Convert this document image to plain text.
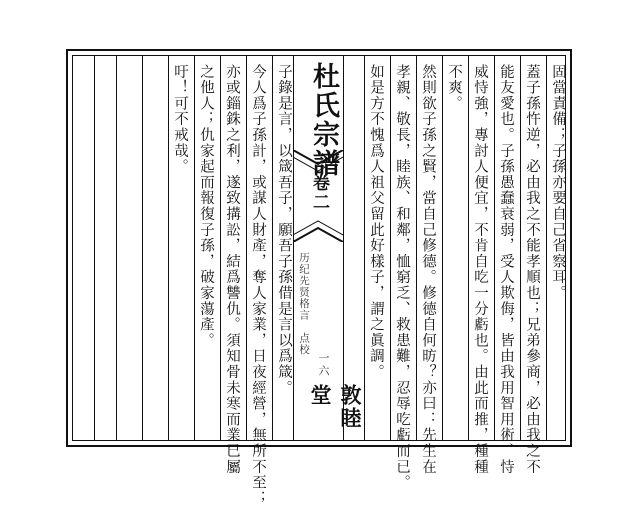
固當責備；子孫亦要自己省察耳。
蓋子孫忤逆，必由我之不能孝順也；兄弟參商，必由我之不
能友愛也。子孫愚蠢衰弱，受人欺侮，皆由我用智用術、恃
威恃強，專討人便宜，不肯自吃一分虧也。由此而推，種種
不爽。
然則欲子孫之賢，當自己修德。修德自何昉？亦曰：先生在
孝親、敬長，睦族、和鄰，恤窮乏、救患難，忍辱吃虧而已。
如是方不愧爲人祖父留此好樣子，謂之眞調。
杜氏宗譜
卷二
历纪先贤格言　点校
一六
敦睦堂
子錄是言，以箴吾子，願吾子孫借是言以爲箴。
今人爲子孫計，或謀人財產，奪人家業，日夜經營，無所不至；
亦或錙銖之利，遂致搆訟，結爲讐仇。須知骨未寒而業已屬
之他人；仇家起而報復子孫，破家蕩產。
吁！可不戒哉。
